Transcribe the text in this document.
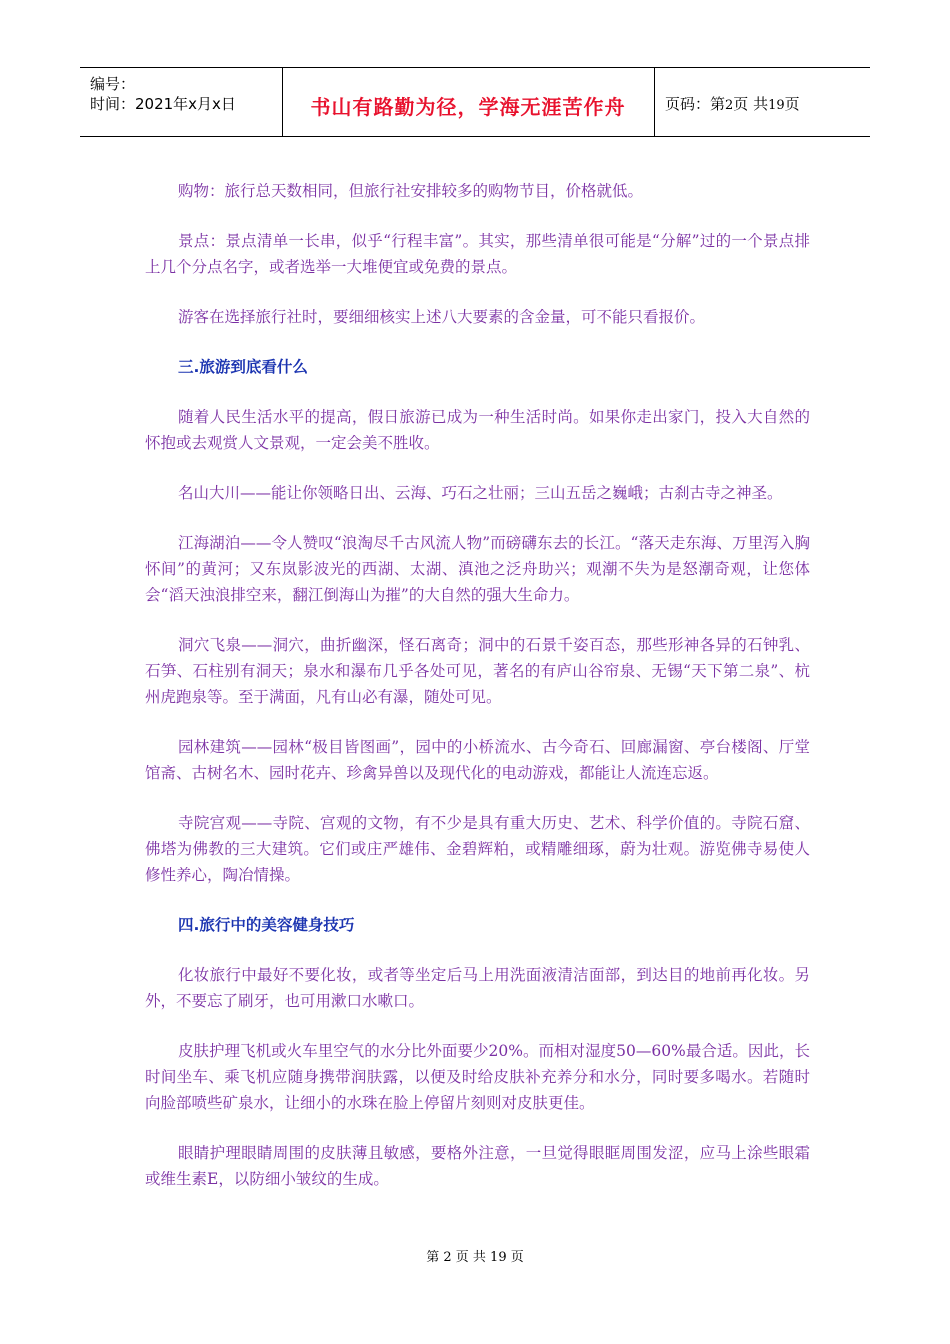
编号：
时间：2021年x月x日	书山有路勤为径，学海无涯苦作舟	页码：第2页 共19页

购物：旅行总天数相同，但旅行社安排较多的购物节目，价格就低。

景点：景点清单一长串，似乎“行程丰富”。其实，那些清单很可能是“分解”过的一个景点排上几个分点名字，或者选举一大堆便宜或免费的景点。

游客在选择旅行社时，要细细核实上述八大要素的含金量，可不能只看报价。

三.旅游到底看什么

随着人民生活水平的提高，假日旅游已成为一种生活时尚。如果你走出家门，投入大自然的怀抱或去观赏人文景观，一定会美不胜收。

名山大川——能让你领略日出、云海、巧石之壮丽；三山五岳之巍峨；古刹古寺之神圣。

江海湖泊——令人赞叹“浪淘尽千古风流人物”而磅礴东去的长江。“落天走东海、万里泻入胸怀间”的黄河；又东岚影波光的西湖、太湖、滇池之泛舟助兴；观潮不失为是怒潮奇观，让您体会“滔天浊浪排空来，翻江倒海山为摧”的大自然的强大生命力。

洞穴飞泉——洞穴，曲折幽深，怪石离奇；洞中的石景千姿百态，那些形神各异的石钟乳、石笋、石柱别有洞天；泉水和瀑布几乎各处可见，著名的有庐山谷帘泉、无锡“天下第二泉”、杭州虎跑泉等。至于满面，凡有山必有瀑，随处可见。

园林建筑——园林“极目皆图画”，园中的小桥流水、古今奇石、回廊漏窗、亭台楼阁、厅堂馆斋、古树名木、园时花卉、珍禽异兽以及现代化的电动游戏，都能让人流连忘返。

寺院宫观——寺院、宫观的文物，有不少是具有重大历史、艺术、科学价值的。寺院石窟、佛塔为佛教的三大建筑。它们或庄严雄伟、金碧辉粕，或精雕细琢，蔚为壮观。游览佛寺易使人修性养心，陶冶情操。

四.旅行中的美容健身技巧

化妆旅行中最好不要化妆，或者等坐定后马上用洗面液清洁面部，到达目的地前再化妆。另外，不要忘了刷牙，也可用漱口水嗽口。

皮肤护理飞机或火车里空气的水分比外面要少20%。而相对湿度50—60%最合适。因此，长时间坐车、乘飞机应随身携带润肤露，以便及时给皮肤补充养分和水分，同时要多喝水。若随时向脸部喷些矿泉水，让细小的水珠在脸上停留片刻则对皮肤更佳。

眼睛护理眼睛周围的皮肤薄且敏感，要格外注意，一旦觉得眼眶周围发涩，应马上涂些眼霜或维生素E，以防细小皱纹的生成。

第 2 页 共 19 页
